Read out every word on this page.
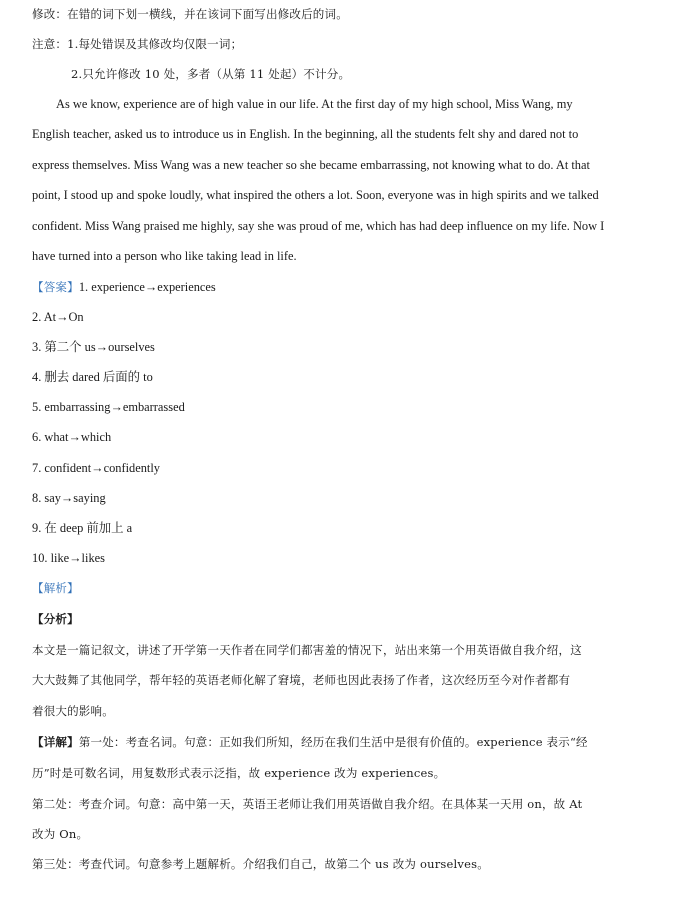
修改：在错的词下划一横线，并在该词下面写出修改后的词。
注意：1.每处错误及其修改均仅限一词；
2.只允许修改 10 处，多者（从第 11 处起）不计分。
As we know, experience are of high value in our life. At the first day of my high school, Miss Wang, my
English teacher, asked us to introduce us in English. In the beginning, all the students felt shy and dared not to
express themselves. Miss Wang was a new teacher so she became embarrassing, not knowing what to do. At that
point, I stood up and spoke loudly, what inspired the others a lot. Soon, everyone was in high spirits and we talked
confident. Miss Wang praised me highly, say she was proud of me, which has had deep influence on my life. Now I
have turned into a person who like taking lead in life.
【答案】1. experience→experiences
2. At→On
3. 第二个 us→ourselves
4. 删去 dared 后面的 to
5. embarrassing→embarrassed
6. what→which
7. confident→confidently
8. say→saying
9. 在 deep 前加上 a
10. like→likes
【解析】
【分析】
本文是一篇记叙文，讲述了开学第一天作者在同学们都害羞的情况下，站出来第一个用英语做自我介绍，这
大大鼓舞了其他同学，帮年轻的英语老师化解了窘境，老师也因此表扬了作者，这次经历至今对作者都有
着很大的影响。
【详解】第一处：考查名词。句意：正如我们所知，经历在我们生活中是很有价值的。experience 表示“经
历”时是可数名词，用复数形式表示泛指，故 experience 改为 experiences。
第二处：考查介词。句意：高中第一天，英语王老师让我们用英语做自我介绍。在具体某一天用 on，故 At
改为 On。
第三处：考查代词。句意参考上题解析。介绍我们自己，故第二个 us 改为 ourselves。
